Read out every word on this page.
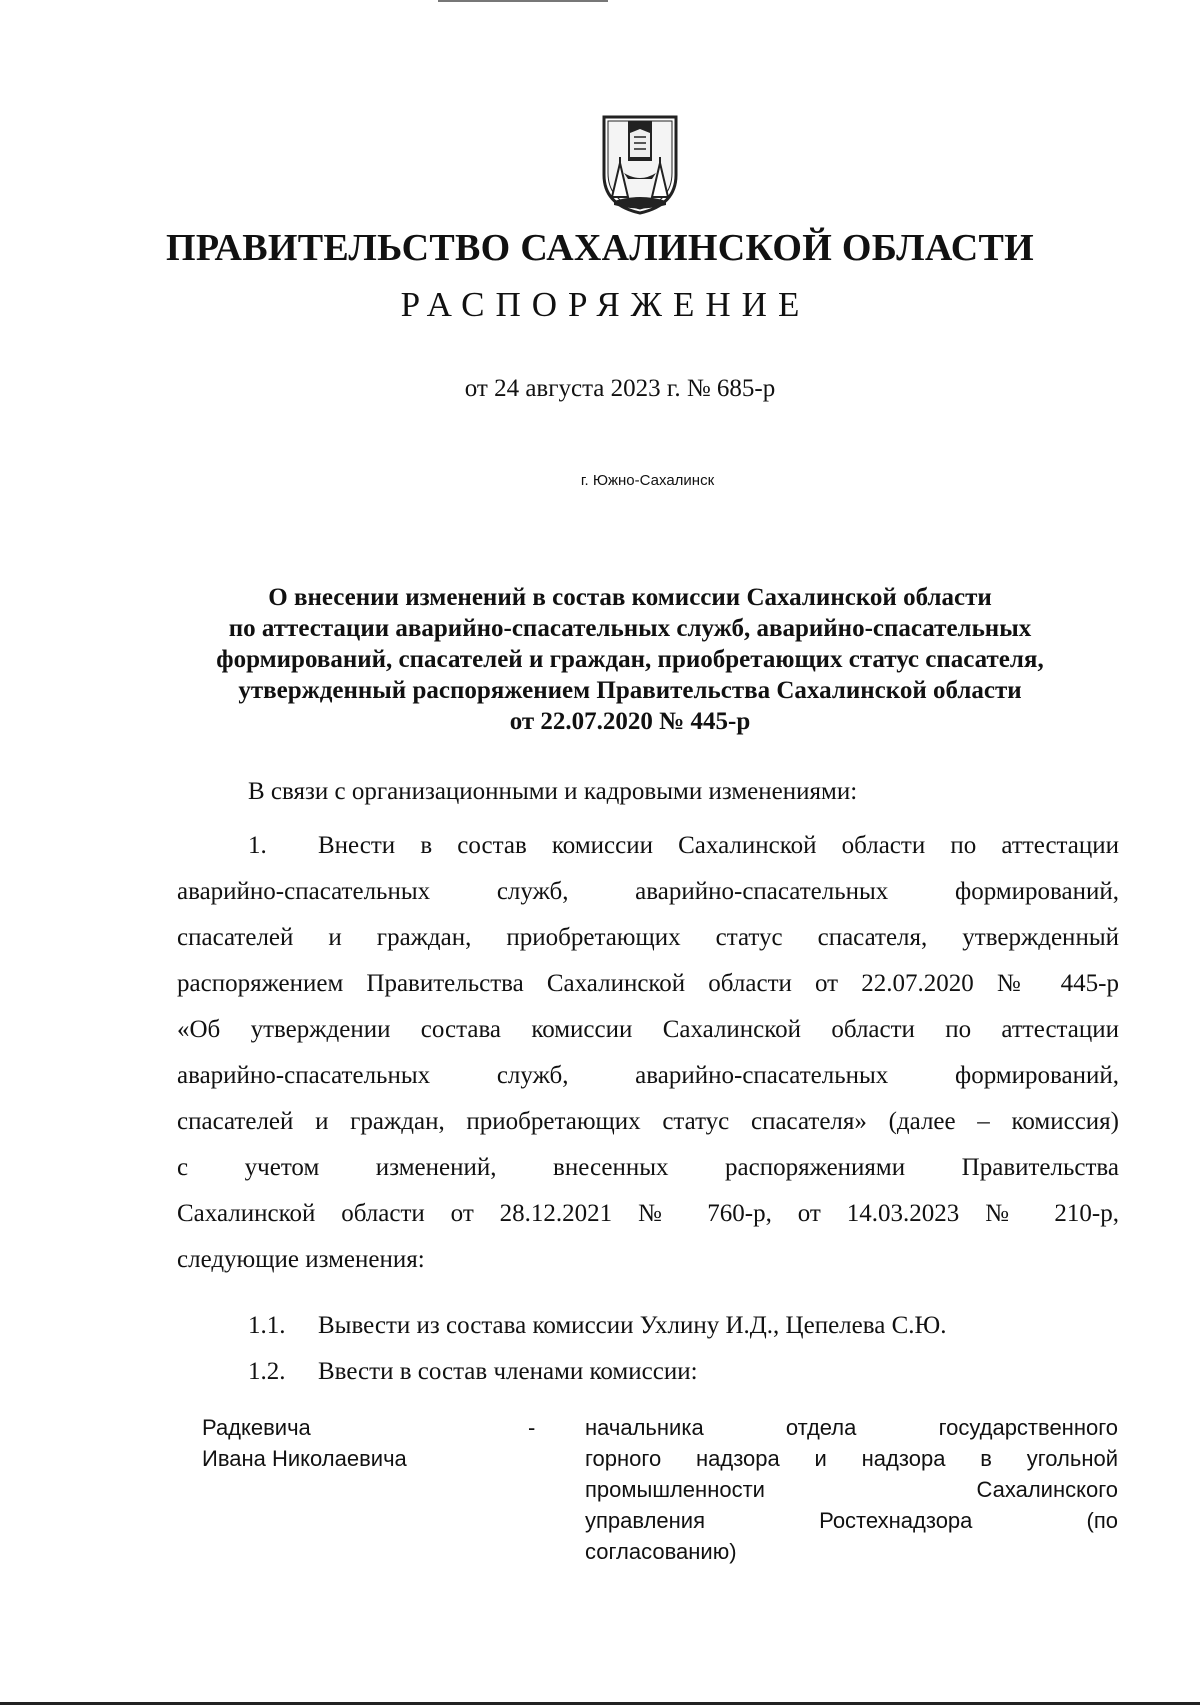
ПРАВИТЕЛЬСТВО САХАЛИНСКОЙ ОБЛАСТИ
РАСПОРЯЖЕНИЕ
от 24 августа 2023 г. № 685-р
г. Южно-Сахалинск
О внесении изменений в состав комиссии Сахалинской области
по аттестации аварийно-спасательных служб, аварийно-спасательных
формирований, спасателей и граждан, приобретающих статус спасателя,
утвержденный распоряжением Правительства Сахалинской области
от 22.07.2020 № 445-р
В связи с организационными и кадровыми изменениями:
1. Внести в состав комиссии Сахалинской области по аттестации
аварийно-спасательных служб, аварийно-спасательных формирований,
спасателей и граждан, приобретающих статус спасателя, утвержденный
распоряжением Правительства Сахалинской области от 22.07.2020 № 445-р
«Об утверждении состава комиссии Сахалинской области по аттестации
аварийно-спасательных служб, аварийно-спасательных формирований,
спасателей и граждан, приобретающих статус спасателя» (далее – комиссия)
с учетом изменений, внесенных распоряжениями Правительства
Сахалинской области от 28.12.2021 № 760-р, от 14.03.2023 № 210-р,
следующие изменения:
1.1. Вывести из состава комиссии Ухлину И.Д., Цепелева С.Ю.
1.2. Ввести в состав членами комиссии:
Радкевича
Ивана Николаевича
- начальника отдела государственного
горного надзора и надзора в угольной
промышленности Сахалинского
управления Ростехнадзора (по
согласованию)
